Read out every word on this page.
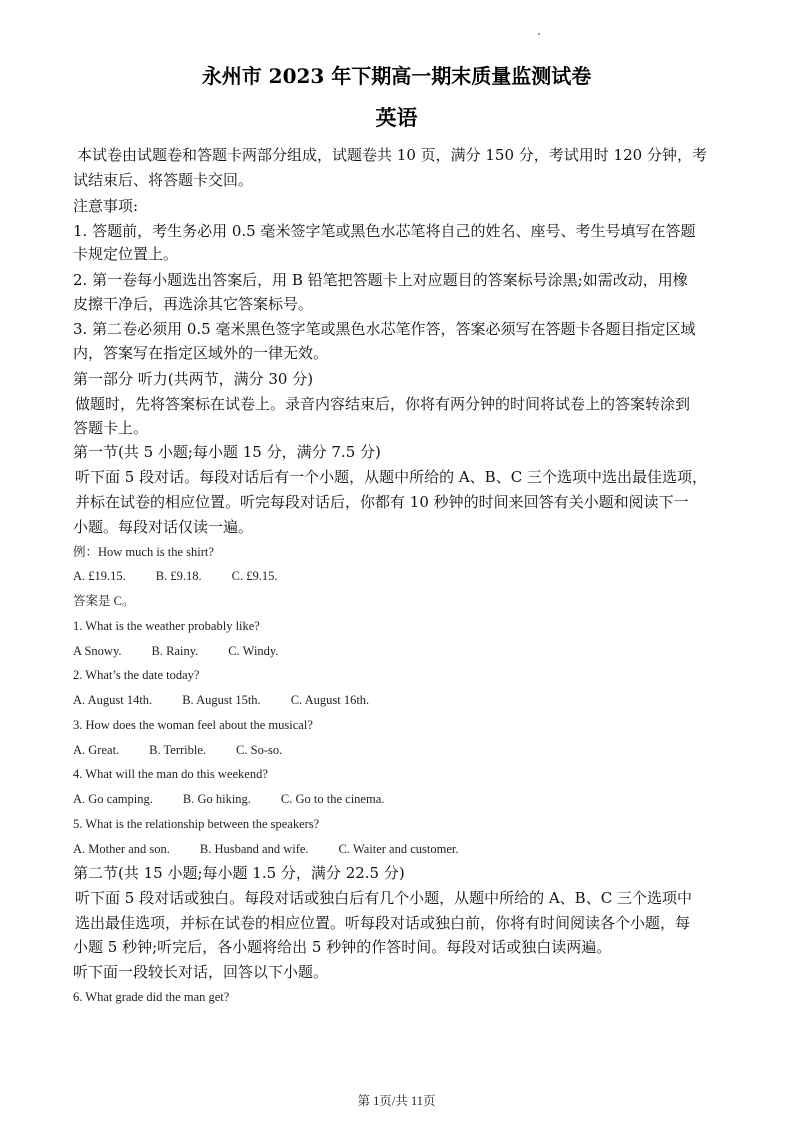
永州市 2023 年下期高一期末质量监测试卷
英语

本试卷由试题卷和答题卡两部分组成，试题卷共 10 页，满分 150 分，考试用时 120 分钟，考

试结束后、将答题卡交回。

注意事项:

1. 答题前，考生务必用 0.5 毫米签字笔或黑色水芯笔将自己的姓名、座号、考生号填写在答题

卡规定位置上。

2. 第一卷每小题选出答案后，用 B 铅笔把答题卡上对应题目的答案标号涂黑;如需改动，用橡

皮擦干净后，再选涂其它答案标号。

3. 第二卷必须用 0.5 毫米黑色签字笔或黑色水芯笔作答，答案必须写在答题卡各题目指定区域

内，答案写在指定区域外的一律无效。

第一部分 听力(共两节，满分 30 分)

做题时，先将答案标在试卷上。录音内容结束后，你将有两分钟的时间将试卷上的答案转涂到

答题卡上。

第一节(共 5 小题;每小题 15 分，满分 7.5 分)

听下面 5 段对话。每段对话后有一个小题，从题中所给的 A、B、C 三个选项中选出最佳选项，

并标在试卷的相应位置。听完每段对话后，你都有 10 秒钟的时间来回答有关小题和阅读下一

小题。每段对话仅读一遍。

例：How much is the shirt?

A. £19.15. B. £9.18. C. £9.15.

答案是 C。

1. What is the weather probably like?

A Snowy. B. Rainy. C. Windy.

2. What’s the date today?

A. August 14th. B. August 15th. C. August 16th.

3. How does the woman feel about the musical?

A. Great. B. Terrible. C. So-so.

4. What will the man do this weekend?

A. Go camping. B. Go hiking. C. Go to the cinema.

5. What is the relationship between the speakers?

A. Mother and son. B. Husband and wife. C. Waiter and customer.

第二节(共 15 小题;每小题 1.5 分，满分 22.5 分)

听下面 5 段对话或独白。每段对话或独白后有几个小题，从题中所给的 A、B、C 三个选项中

选出最佳选项，并标在试卷的相应位置。听每段对话或独白前，你将有时间阅读各个小题，每

小题 5 秒钟;听完后，各小题将给出 5 秒钟的作答时间。每段对话或独白读两遍。

听下面一段较长对话，回答以下小题。

6. What grade did the man get?

第 1页/共 11页
